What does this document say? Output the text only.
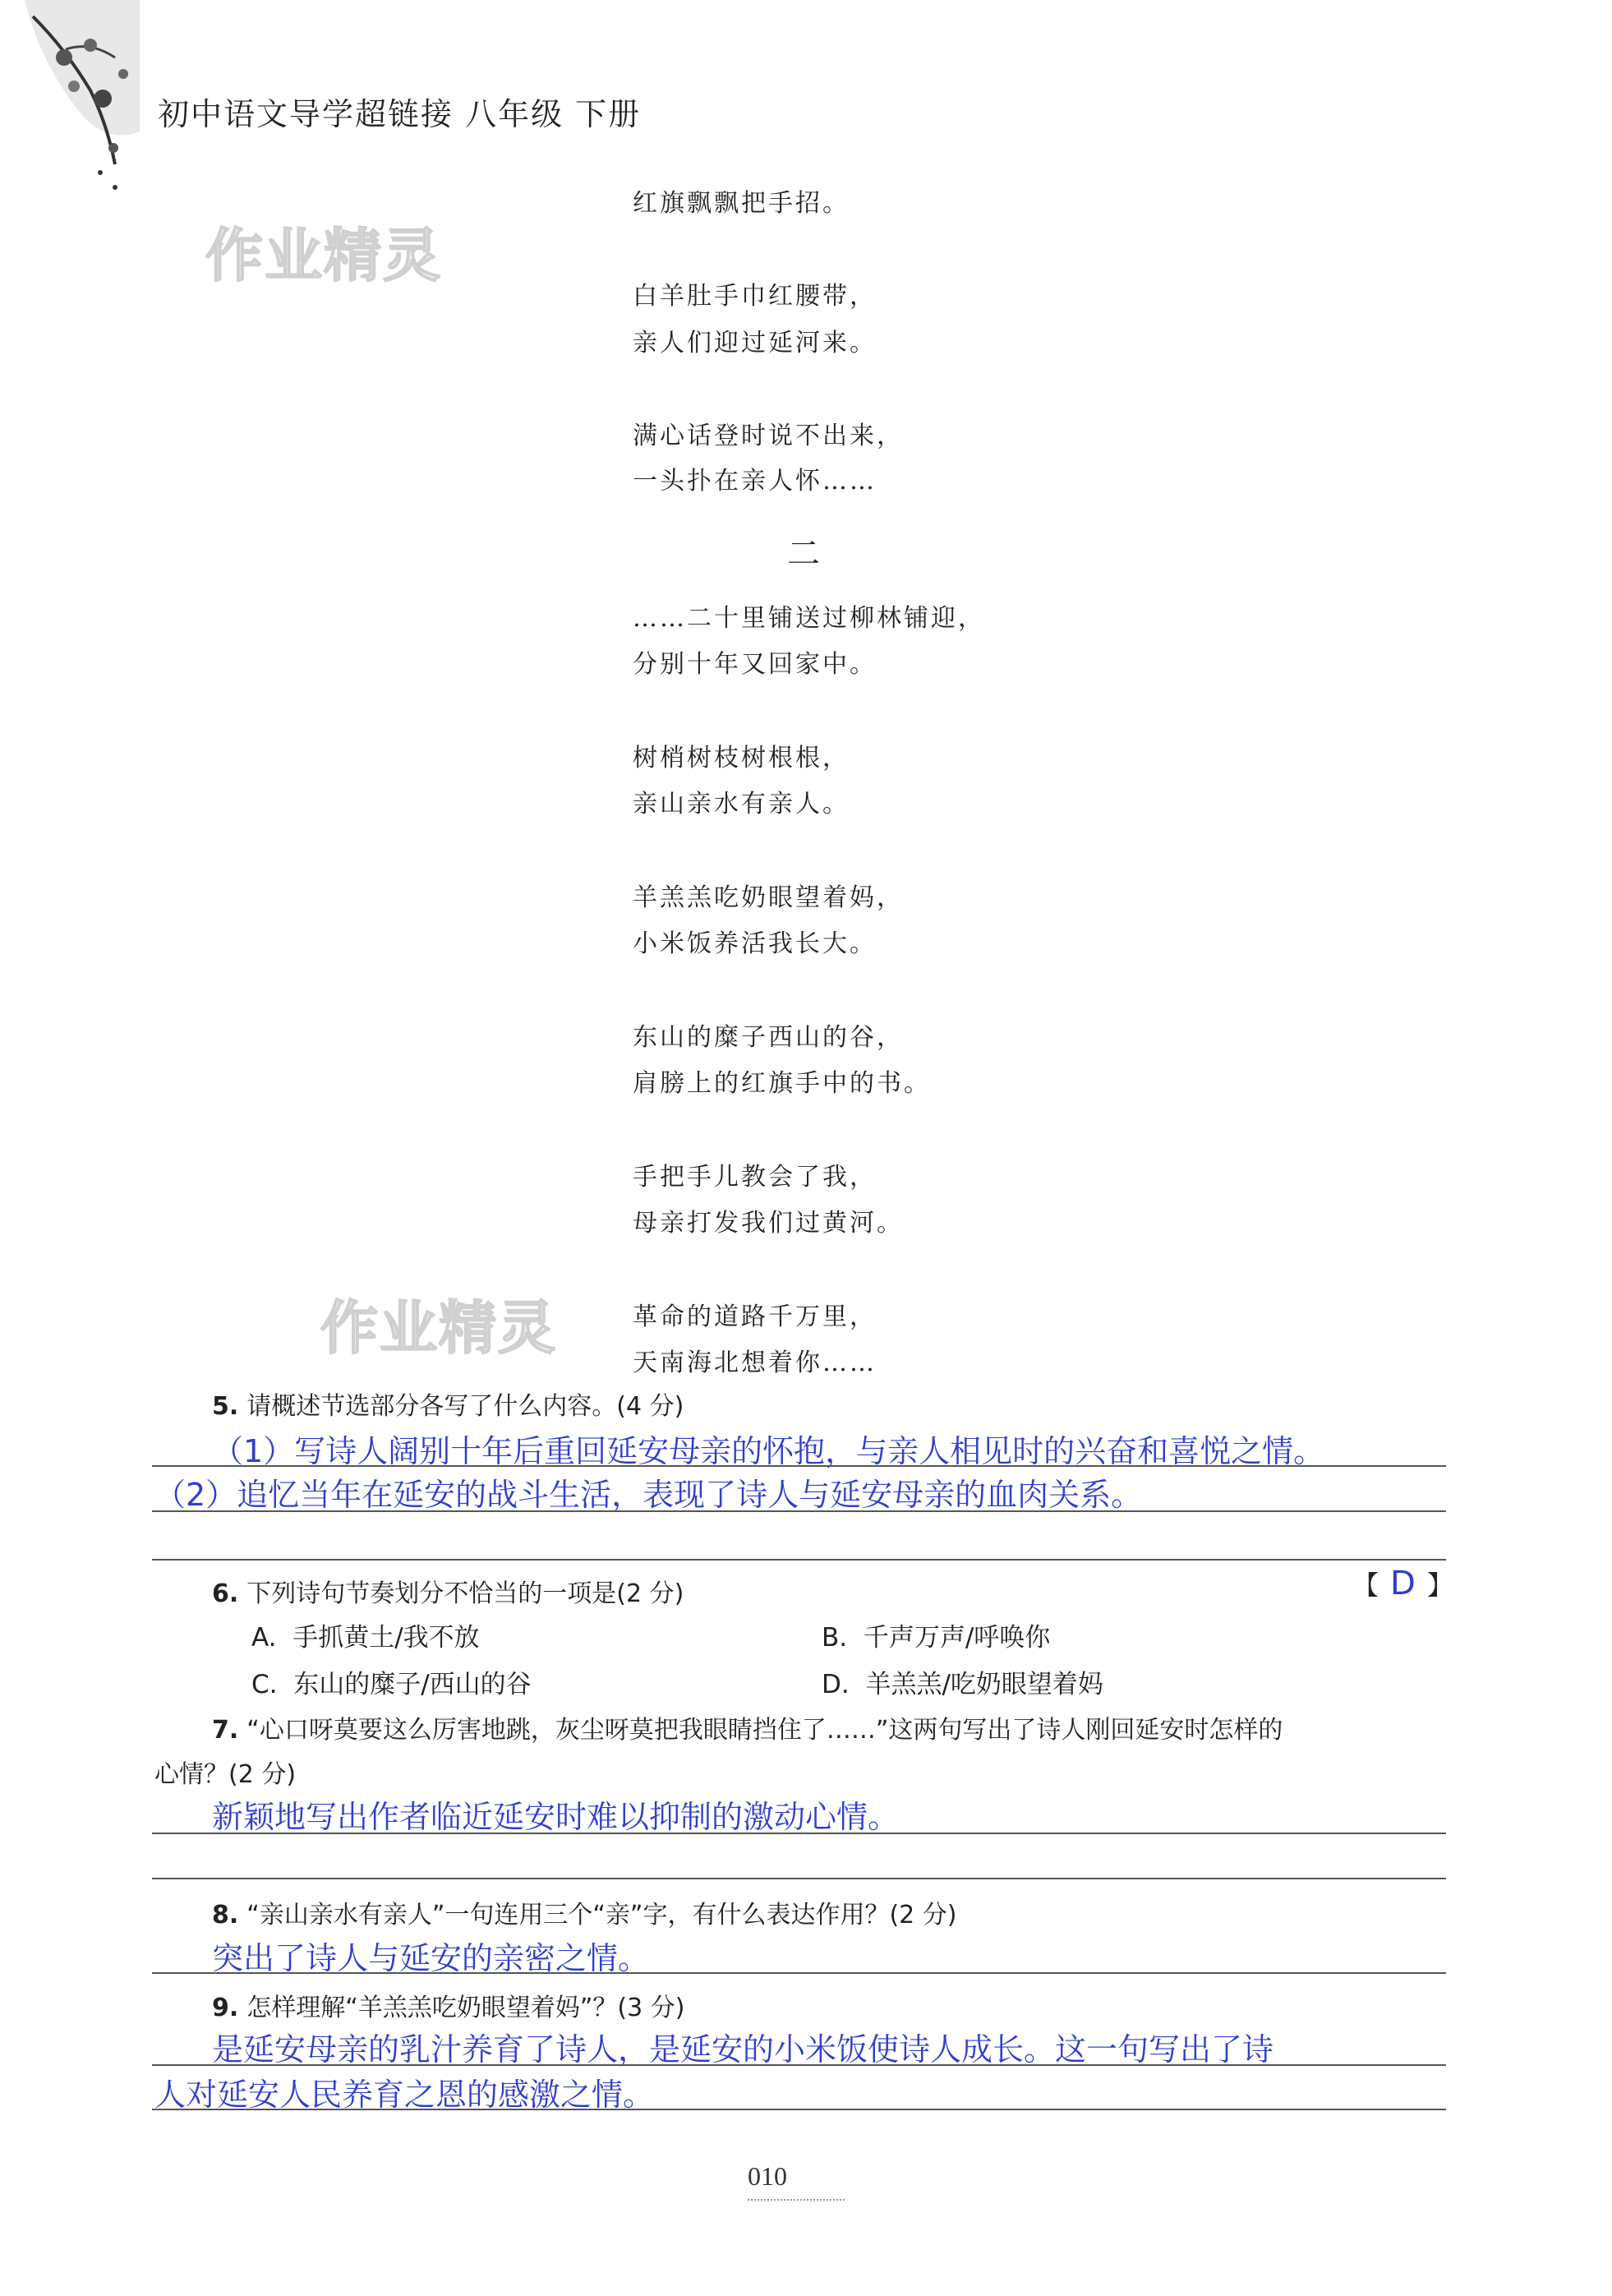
初中语文导学超链接 八年级 下册
作业精灵
作业精灵
红旗飘飘把手招。
白羊肚手巾红腰带，
亲人们迎过延河来。
满心话登时说不出来，
一头扑在亲人怀……
二
……二十里铺送过柳林铺迎，
分别十年又回家中。
树梢树枝树根根，
亲山亲水有亲人。
羊羔羔吃奶眼望着妈，
小米饭养活我长大。
东山的糜子西山的谷，
肩膀上的红旗手中的书。
手把手儿教会了我，
母亲打发我们过黄河。
革命的道路千万里，
天南海北想着你……
5. 请概述节选部分各写了什么内容。(4 分)
（1）写诗人阔别十年后重回延安母亲的怀抱，与亲人相见时的兴奋和喜悦之情。
（2）追忆当年在延安的战斗生活，表现了诗人与延安母亲的血肉关系。
6. 下列诗句节奏划分不恰当的一项是(2 分)	【 D 】
A. 手抓黄土/我不放	B. 千声万声/呼唤你
C. 东山的糜子/西山的谷	D. 羊羔羔/吃奶眼望着妈
7. “心口呀莫要这么厉害地跳，灰尘呀莫把我眼睛挡住了……”这两句写出了诗人刚回延安时怎样的
心情？(2 分)
新颖地写出作者临近延安时难以抑制的激动心情。
8. “亲山亲水有亲人”一句连用三个“亲”字，有什么表达作用？(2 分)
突出了诗人与延安的亲密之情。
9. 怎样理解“羊羔羔吃奶眼望着妈”？(3 分)
是延安母亲的乳汁养育了诗人，是延安的小米饭使诗人成长。这一句写出了诗
人对延安人民养育之恩的感激之情。
010
